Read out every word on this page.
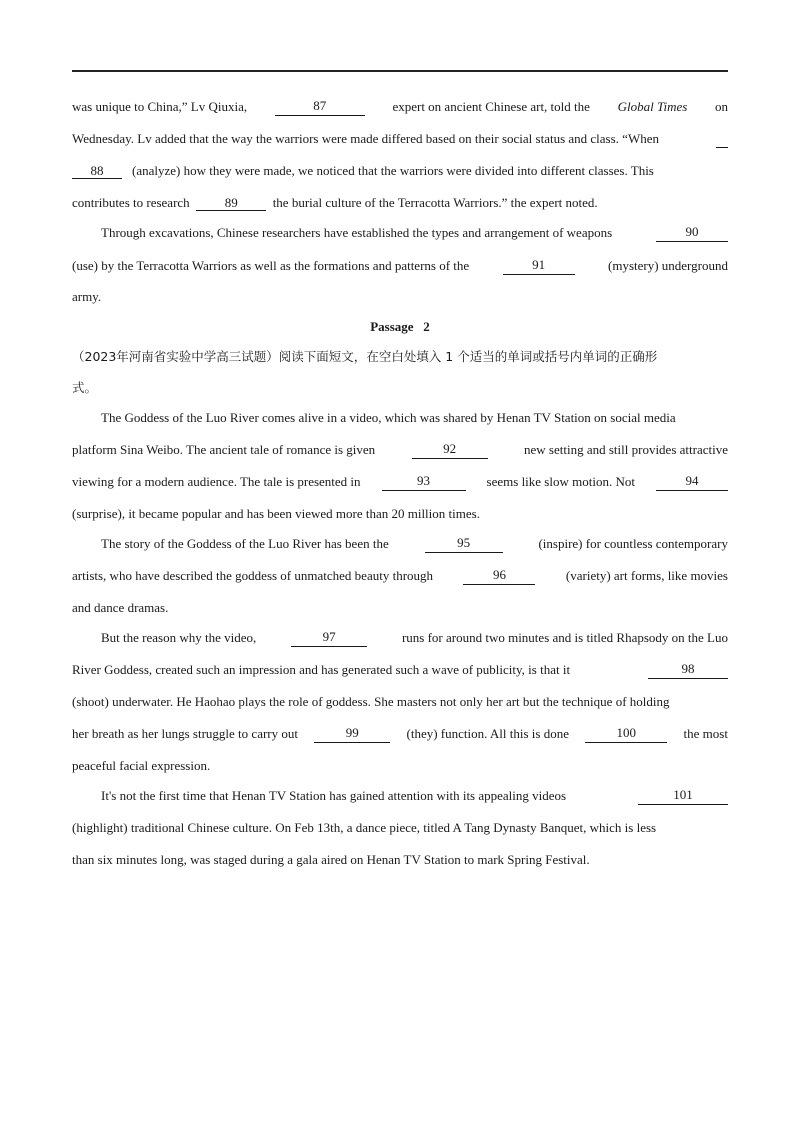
was unique to China,” Lv Qiuxia,	87	expert on ancient Chinese art, told the Global Times on
Wednesday. Lv added that the way the warriors were made differed based on their social status and class. “When
88	(analyze) how they were made, we noticed that the warriors were divided into different classes. This
contributes to research	89	the burial culture of the Terracotta Warriors.” the expert noted.
Through excavations, Chinese researchers have established the types and arrangement of weapons	90
(use) by the Terracotta Warriors as well as the formations and patterns of the	91	(mystery) underground
army.
Passage   2
（2023年河南省实验中学高三试题）阅读下面短文，在空白处填入 1 个适当的单词或括号内单词的正确形
式。
The Goddess of the Luo River comes alive in a video, which was shared by Henan TV Station on social media
platform Sina Weibo. The ancient tale of romance is given	92	new setting and still provides attractive
viewing for a modern audience. The tale is presented in	93	seems like slow motion. Not	94
(surprise), it became popular and has been viewed more than 20 million times.
The story of the Goddess of the Luo River has been the	95	(inspire) for countless contemporary
artists, who have described the goddess of unmatched beauty through	96	(variety) art forms, like movies
and dance dramas.
But the reason why the video,	97	runs for around two minutes and is titled Rhapsody on the Luo
River Goddess, created such an impression and has generated such a wave of publicity, is that it	98
(shoot) underwater. He Haohao plays the role of goddess. She masters not only her art but the technique of holding
her breath as her lungs struggle to carry out	99	(they) function. All this is done	100	the most
peaceful facial expression.
It's not the first time that Henan TV Station has gained attention with its appealing videos	101
(highlight) traditional Chinese culture. On Feb 13th, a dance piece, titled A Tang Dynasty Banquet, which is less
than six minutes long, was staged during a gala aired on Henan TV Station to mark Spring Festival.
